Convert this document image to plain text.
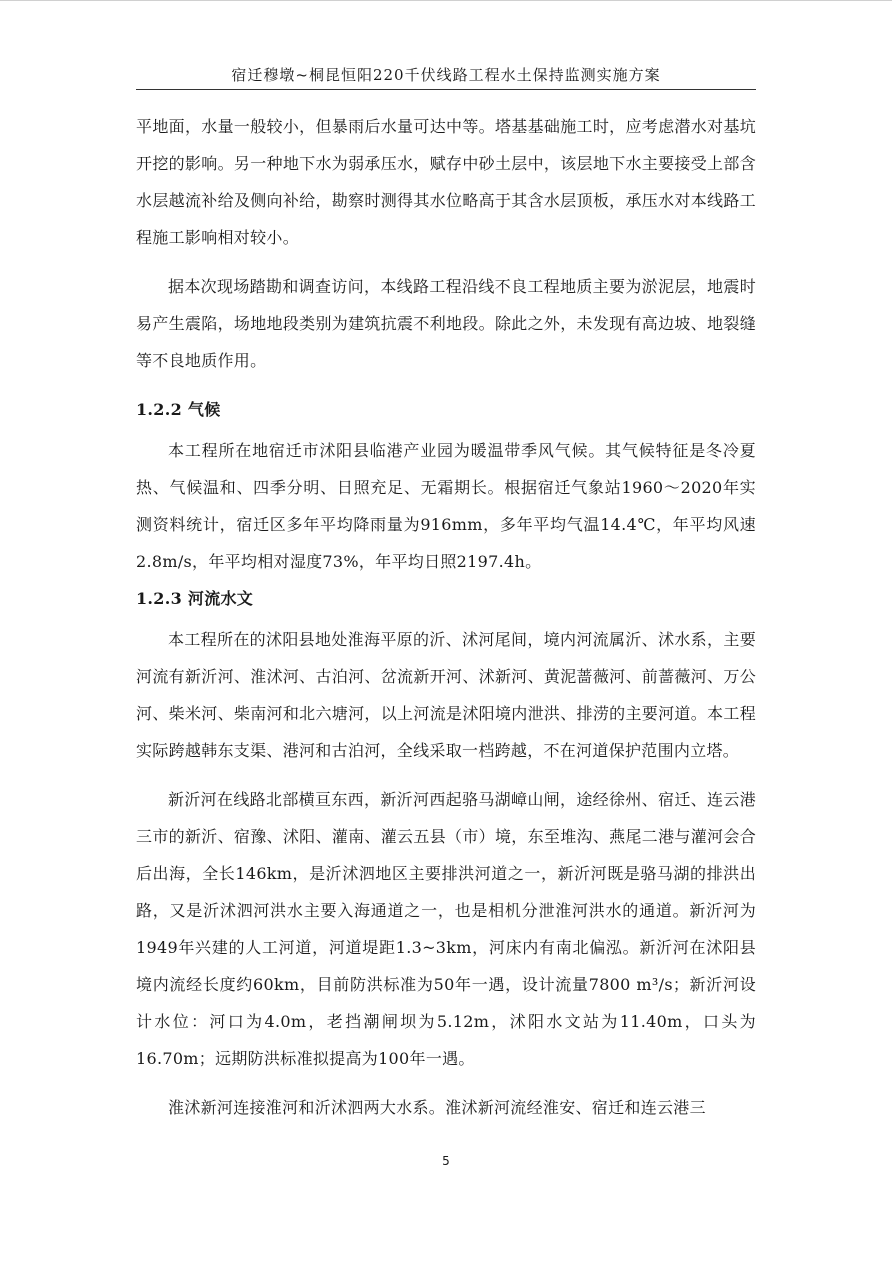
宿迁穆墩~桐昆恒阳220千伏线路工程水土保持监测实施方案

平地面，水量一般较小，但暴雨后水量可达中等。塔基基础施工时，应考虑潜水对基坑开挖的影响。另一种地下水为弱承压水，赋存中砂土层中，该层地下水主要接受上部含水层越流补给及侧向补给，勘察时测得其水位略高于其含水层顶板，承压水对本线路工程施工影响相对较小。

据本次现场踏勘和调查访问，本线路工程沿线不良工程地质主要为淤泥层，地震时易产生震陷，场地地段类别为建筑抗震不利地段。除此之外，未发现有高边坡、地裂缝等不良地质作用。

1.2.2 气候

本工程所在地宿迁市沭阳县临港产业园为暖温带季风气候。其气候特征是冬冷夏热、气候温和、四季分明、日照充足、无霜期长。根据宿迁气象站1960～2020年实测资料统计，宿迁区多年平均降雨量为916mm，多年平均气温14.4℃，年平均风速2.8m/s，年平均相对湿度73%，年平均日照2197.4h。

1.2.3 河流水文

本工程所在的沭阳县地处淮海平原的沂、沭河尾间，境内河流属沂、沭水系，主要河流有新沂河、淮沭河、古泊河、岔流新开河、沭新河、黄泥蔷薇河、前蔷薇河、万公河、柴米河、柴南河和北六塘河，以上河流是沭阳境内泄洪、排涝的主要河道。本工程实际跨越韩东支渠、港河和古泊河，全线采取一档跨越，不在河道保护范围内立塔。

新沂河在线路北部横亘东西，新沂河西起骆马湖嶂山闸，途经徐州、宿迁、连云港三市的新沂、宿豫、沭阳、灌南、灌云五县（市）境，东至堆沟、燕尾二港与灌河会合后出海，全长146km，是沂沭泗地区主要排洪河道之一，新沂河既是骆马湖的排洪出路，又是沂沭泗河洪水主要入海通道之一，也是相机分泄淮河洪水的通道。新沂河为1949年兴建的人工河道，河道堤距1.3~3km，河床内有南北偏泓。新沂河在沭阳县境内流经长度约60km，目前防洪标准为50年一遇，设计流量7800 m³/s；新沂河设计水位：河口为4.0m，老挡潮闸坝为5.12m，沭阳水文站为11.40m，口头为16.70m；远期防洪标准拟提高为100年一遇。

淮沭新河连接淮河和沂沭泗两大水系。淮沭新河流经淮安、宿迁和连云港三

5
